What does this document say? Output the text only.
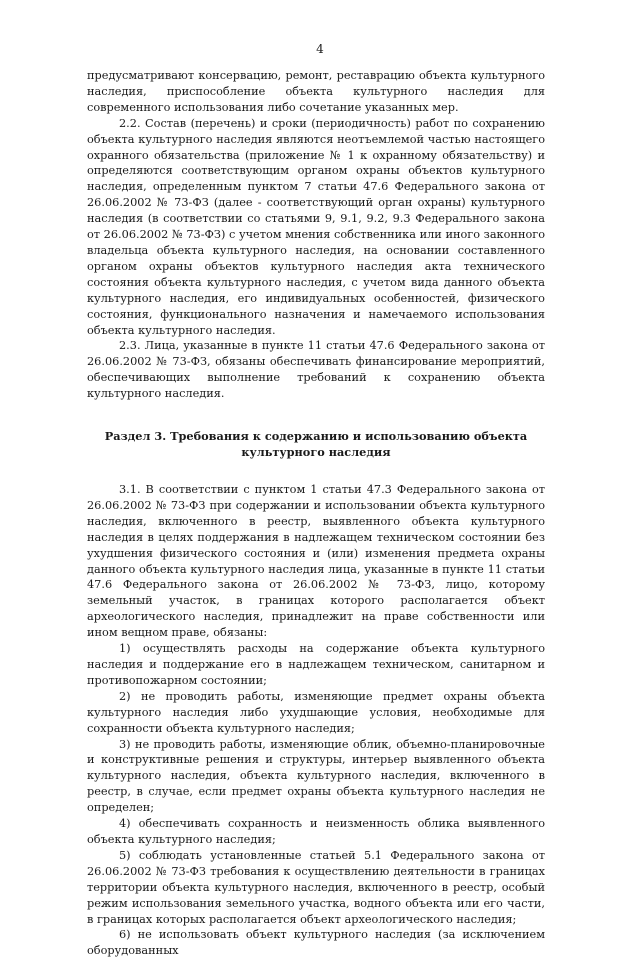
4

предусматривают консервацию, ремонт, реставрацию объекта культурного наследия, приспособление объекта культурного наследия для современного использования либо сочетание указанных мер.

2.2. Состав (перечень) и сроки (периодичность) работ по сохранению объекта культурного наследия являются неотъемлемой частью настоящего охранного обязательства (приложение № 1 к охранному обязательству) и определяются соответствующим органом охраны объектов культурного наследия, определенным пунктом 7 статьи 47.6 Федерального закона от 26.06.2002 № 73-ФЗ (далее - соответствующий орган охраны) культурного наследия (в соответствии со статьями 9, 9.1, 9.2, 9.3 Федерального закона от 26.06.2002 № 73-ФЗ) с учетом мнения собственника или иного законного владельца объекта культурного наследия, на основании составленного органом охраны объектов культурного наследия акта технического состояния объекта культурного наследия, с учетом вида данного объекта культурного наследия, его индивидуальных особенностей, физического состояния, функционального назначения и намечаемого использования объекта культурного наследия.

2.3. Лица, указанные в пункте 11 статьи 47.6 Федерального закона от 26.06.2002 № 73-ФЗ, обязаны обеспечивать финансирование мероприятий, обеспечивающих выполнение требований к сохранению объекта культурного наследия.

Раздел 3. Требования к содержанию и использованию объекта культурного наследия

3.1. В соответствии с пунктом 1 статьи 47.3 Федерального закона от 26.06.2002 № 73-ФЗ при содержании и использовании объекта культурного наследия, включенного в реестр, выявленного объекта культурного наследия в целях поддержания в надлежащем техническом состоянии без ухудшения физического состояния и (или) изменения предмета охраны данного объекта культурного наследия лица, указанные в пункте 11 статьи 47.6 Федерального закона от 26.06.2002 № 73-ФЗ, лицо, которому земельный участок, в границах которого располагается объект археологического наследия, принадлежит на праве собственности или ином вещном праве, обязаны:

1) осуществлять расходы на содержание объекта культурного наследия и поддержание его в надлежащем техническом, санитарном и противопожарном состоянии;

2) не проводить работы, изменяющие предмет охраны объекта культурного наследия либо ухудшающие условия, необходимые для сохранности объекта культурного наследия;

3) не проводить работы, изменяющие облик, объемно-планировочные и конструктивные решения и структуры, интерьер выявленного объекта культурного наследия, объекта культурного наследия, включенного в реестр, в случае, если предмет охраны объекта культурного наследия не определен;

4) обеспечивать сохранность и неизменность облика выявленного объекта культурного наследия;

5) соблюдать установленные статьей 5.1 Федерального закона от 26.06.2002 № 73-ФЗ требования к осуществлению деятельности в границах территории объекта культурного наследия, включенного в реестр, особый режим использования земельного участка, водного объекта или его части, в границах которых располагается объект археологического наследия;

6) не использовать объект культурного наследия (за исключением оборудованных
